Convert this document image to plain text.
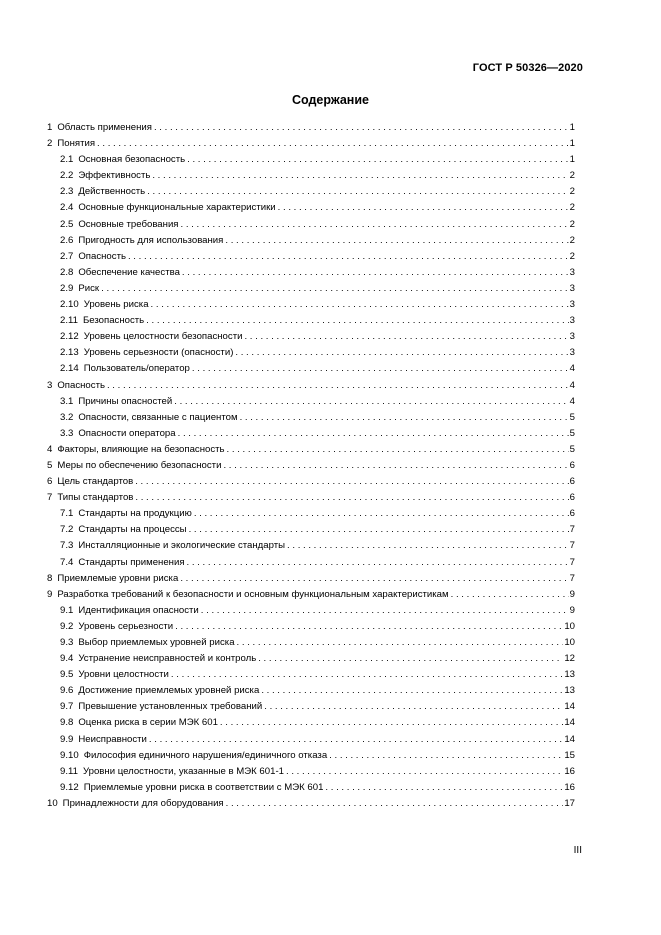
ГОСТ Р 50326—2020
Содержание
1 Область применения . . .	1
2 Понятия . . .	1
2.1 Основная безопасность . . .	1
2.2 Эффективность . . .	2
2.3 Действенность . . .	2
2.4 Основные функциональные характеристики . . .	2
2.5 Основные требования . . .	2
2.6 Пригодность для использования . . .	2
2.7 Опасность . . .	2
2.8 Обеспечение качества . . .	3
2.9 Риск . . .	3
2.10 Уровень риска . . .	3
2.11 Безопасность . . .	3
2.12 Уровень целостности безопасности . . .	3
2.13 Уровень серьезности (опасности) . . .	3
2.14 Пользователь/оператор . . .	4
3 Опасность . . .	4
3.1 Причины опасностей . . .	4
3.2 Опасности, связанные с пациентом . . .	5
3.3 Опасности оператора . . .	5
4 Факторы, влияющие на безопасность . . .	5
5 Меры по обеспечению безопасности . . .	6
6 Цель стандартов . . .	6
7 Типы стандартов . . .	6
7.1 Стандарты на продукцию . . .	6
7.2 Стандарты на процессы . . .	7
7.3 Инсталляционные и экологические стандарты . . .	7
7.4 Стандарты применения . . .	7
8 Приемлемые уровни риска . . .	7
9 Разработка требований к безопасности и основным функциональным характеристикам . . .	9
9.1 Идентификация опасности . . .	9
9.2 Уровень серьезности . . .	10
9.3 Выбор приемлемых уровней риска . . .	10
9.4 Устранение неисправностей и контроль . . .	12
9.5 Уровни целостности . . .	13
9.6 Достижение приемлемых уровней риска . . .	13
9.7 Превышение установленных требований . . .	14
9.8 Оценка риска в серии МЭК 601 . . .	14
9.9 Неисправности . . .	14
9.10 Философия единичного нарушения/единичного отказа . . .	15
9.11 Уровни целостности, указанные в МЭК 601-1 . . .	16
9.12 Приемлемые уровни риска в соответствии с МЭК 601 . . .	16
10 Принадлежности для оборудования . . .	17
III
